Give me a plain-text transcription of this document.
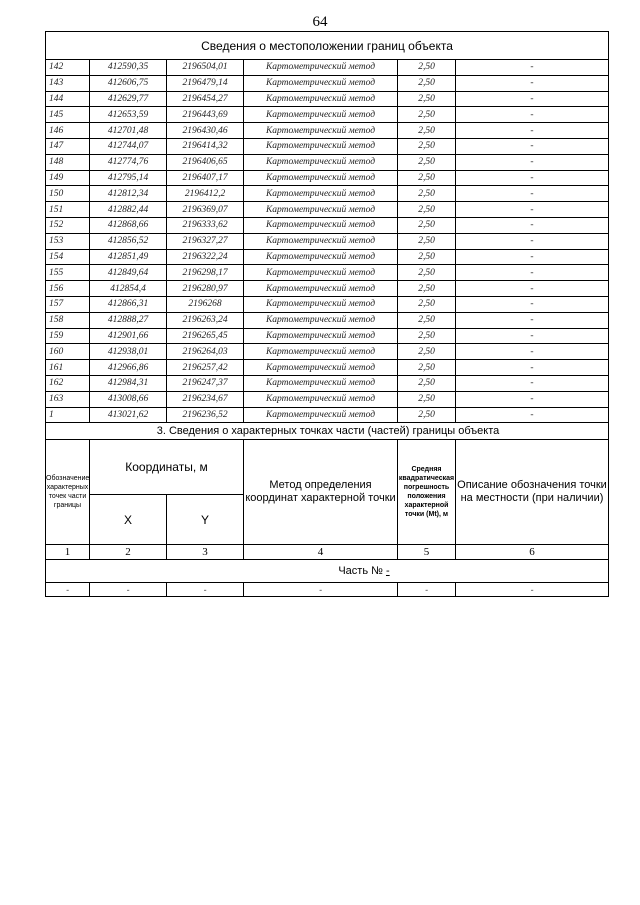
64
Сведения о местоположении границ объекта					
142	412590,35	2196504,01	Картометрический метод	2,50	-
143	412606,75	2196479,14	Картометрический метод	2,50	-
144	412629,77	2196454,27	Картометрический метод	2,50	-
145	412653,59	2196443,69	Картометрический метод	2,50	-
146	412701,48	2196430,46	Картометрический метод	2,50	-
147	412744,07	2196414,32	Картометрический метод	2,50	-
148	412774,76	2196406,65	Картометрический метод	2,50	-
149	412795,14	2196407,17	Картометрический метод	2,50	-
150	412812,34	2196412,2	Картометрический метод	2,50	-
151	412882,44	2196369,07	Картометрический метод	2,50	-
152	412868,66	2196333,62	Картометрический метод	2,50	-
153	412856,52	2196327,27	Картометрический метод	2,50	-
154	412851,49	2196322,24	Картометрический метод	2,50	-
155	412849,64	2196298,17	Картометрический метод	2,50	-
156	412854,4	2196280,97	Картометрический метод	2,50	-
157	412866,31	2196268	Картометрический метод	2,50	-
158	412888,27	2196263,24	Картометрический метод	2,50	-
159	412901,66	2196265,45	Картометрический метод	2,50	-
160	412938,01	2196264,03	Картометрический метод	2,50	-
161	412966,86	2196257,42	Картометрический метод	2,50	-
162	412984,31	2196247,37	Картометрический метод	2,50	-
163	413008,66	2196234,67	Картометрический метод	2,50	-
1	413021,62	2196236,52	Картометрический метод	2,50	-
3. Сведения о характерных точках части (частей) границы объекта					
Обозначение характерных точек части границы	Координаты, м		Метод определения координат характерной точки	Средняя квадратическая погрешность положения характерной точки (Mt), м	Описание обозначения точки на местности (при наличии)
	X	Y			
1	2	3	4	5	6
Часть № -					
-	-	-	-	-	-
